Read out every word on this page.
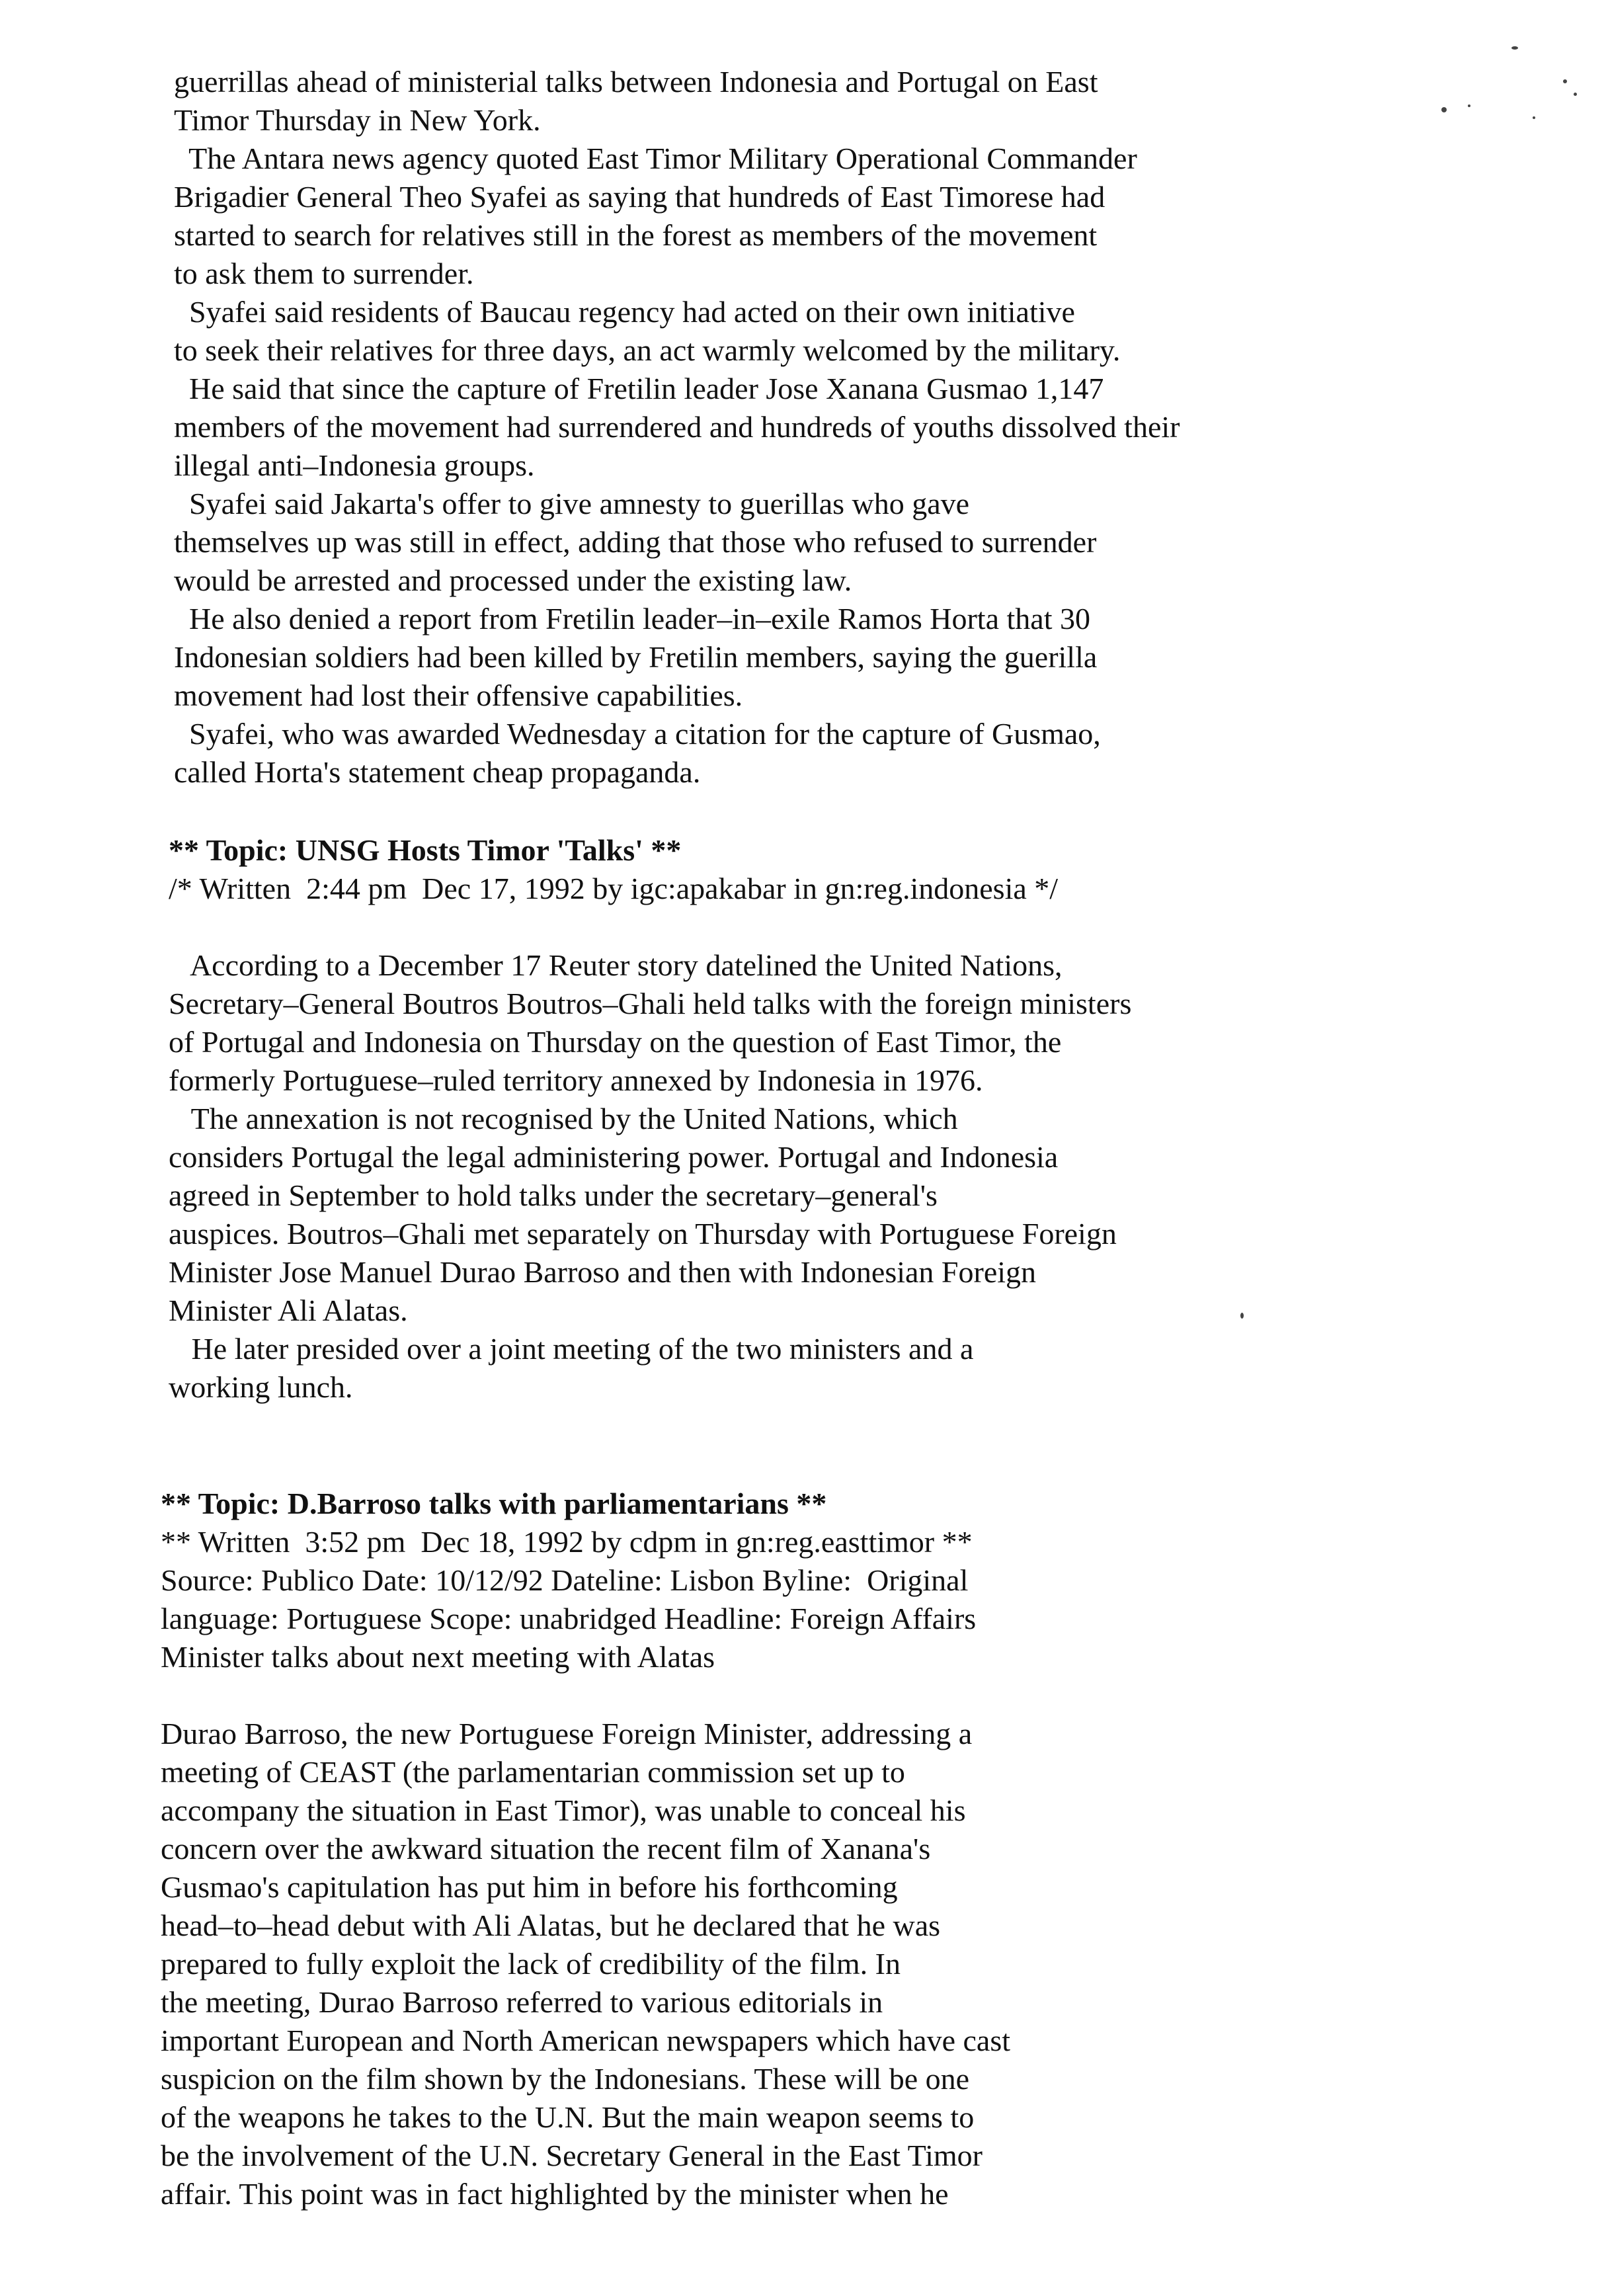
guerrillas ahead of ministerial talks between Indonesia and Portugal on East
Timor Thursday in New York.
The Antara news agency quoted East Timor Military Operational Commander
Brigadier General Theo Syafei as saying that hundreds of East Timorese had
started to search for relatives still in the forest as members of the movement
to ask them to surrender.
Syafei said residents of Baucau regency had acted on their own initiative
to seek their relatives for three days, an act warmly welcomed by the military.
He said that since the capture of Fretilin leader Jose Xanana Gusmao 1,147
members of the movement had surrendered and hundreds of youths dissolved their
illegal anti–Indonesia groups.
Syafei said Jakarta's offer to give amnesty to guerillas who gave
themselves up was still in effect, adding that those who refused to surrender
would be arrested and processed under the existing law.
He also denied a report from Fretilin leader–in–exile Ramos Horta that 30
Indonesian soldiers had been killed by Fretilin members, saying the guerilla
movement had lost their offensive capabilities.
Syafei, who was awarded Wednesday a citation for the capture of Gusmao,
called Horta's statement cheap propaganda.
** Topic: UNSG Hosts Timor 'Talks' **
/* Written  2:44 pm  Dec 17, 1992 by igc:apakabar in gn:reg.indonesia */
According to a December 17 Reuter story datelined the United Nations,
Secretary–General Boutros Boutros–Ghali held talks with the foreign ministers
of Portugal and Indonesia on Thursday on the question of East Timor, the
formerly Portuguese–ruled territory annexed by Indonesia in 1976.
The annexation is not recognised by the United Nations, which
considers Portugal the legal administering power. Portugal and Indonesia
agreed in September to hold talks under the secretary–general's
auspices. Boutros–Ghali met separately on Thursday with Portuguese Foreign
Minister Jose Manuel Durao Barroso and then with Indonesian Foreign
Minister Ali Alatas.
He later presided over a joint meeting of the two ministers and a
working lunch.
** Topic: D.Barroso talks with parliamentarians **
** Written  3:52 pm  Dec 18, 1992 by cdpm in gn:reg.easttimor **
Source: Publico Date: 10/12/92 Dateline: Lisbon Byline:  Original
language: Portuguese Scope: unabridged Headline: Foreign Affairs
Minister talks about next meeting with Alatas
Durao Barroso, the new Portuguese Foreign Minister, addressing a
meeting of CEAST (the parlamentarian commission set up to
accompany the situation in East Timor), was unable to conceal his
concern over the awkward situation the recent film of Xanana's
Gusmao's capitulation has put him in before his forthcoming
head–to–head debut with Ali Alatas, but he declared that he was
prepared to fully exploit the lack of credibility of the film. In
the meeting, Durao Barroso referred to various editorials in
important European and North American newspapers which have cast
suspicion on the film shown by the Indonesians. These will be one
of the weapons he takes to the U.N. But the main weapon seems to
be the involvement of the U.N. Secretary General in the East Timor
affair. This point was in fact highlighted by the minister when he
